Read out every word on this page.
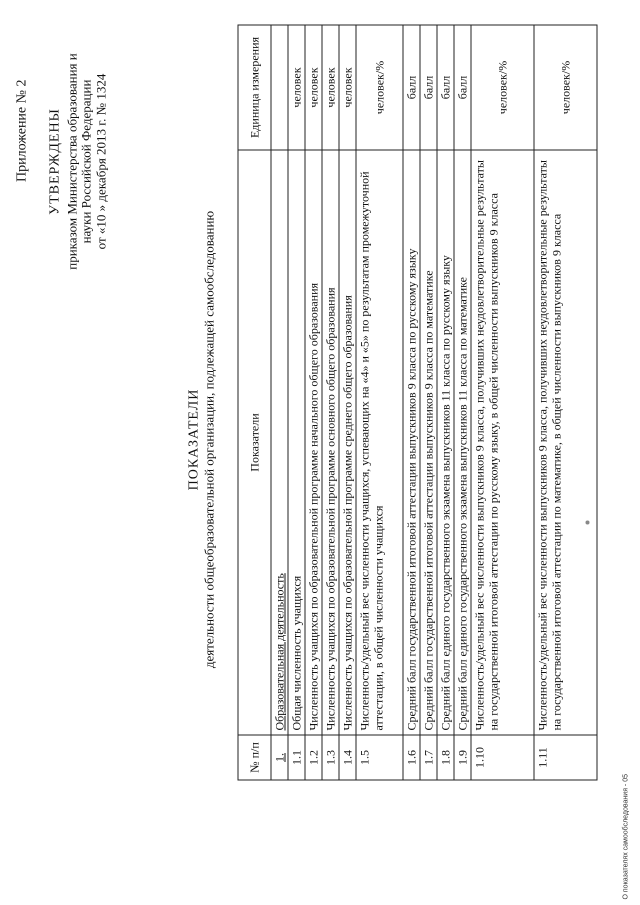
Приложение № 2 УТВЕРЖДЕНЫ приказом Министерства образования и науки Российской Федерации от «10 » декабря 2013 г. № 1324
ПОКАЗАТЕЛИ деятельности общеобразовательной организации, подлежащей самообследованию
№ п/п	Показатели	Единица измерения
1.	Образовательная деятельность	
1.1	Общая численность учащихся	человек
1.2	Численность учащихся по образовательной программе начального общего образования	человек
1.3	Численность учащихся по образовательной программе основного общего образования	человек
1.4	Численность учащихся по образовательной программе среднего общего образования	человек
1.5	Численность/удельный вес численности учащихся, успевающих на «4» и «5» по результатам промежуточной аттестации, в общей численности учащихся	человек/%
1.6	Средний балл государственной итоговой аттестации выпускников 9 класса по русскому языку	балл
1.7	Средний балл государственной итоговой аттестации выпускников 9 класса по математике	балл
1.8	Средний балл единого государственного экзамена выпускников 11 класса по русскому языку	балл
1.9	Средний балл единого государственного экзамена выпускников 11 класса по математике	балл
1.10	Численность/удельный вес численности выпускников 9 класса, получивших неудовлетворительные результаты на государственной итоговой аттестации по русскому языку, в общей численности выпускников 9 класса	человек/%
1.11	Численность/удельный вес численности выпускников 9 класса, получивших неудовлетворительные результаты на государственной итоговой аттестации по математике, в общей численности выпускников 9 класса	человек/%
О показателях самообследования - 05
